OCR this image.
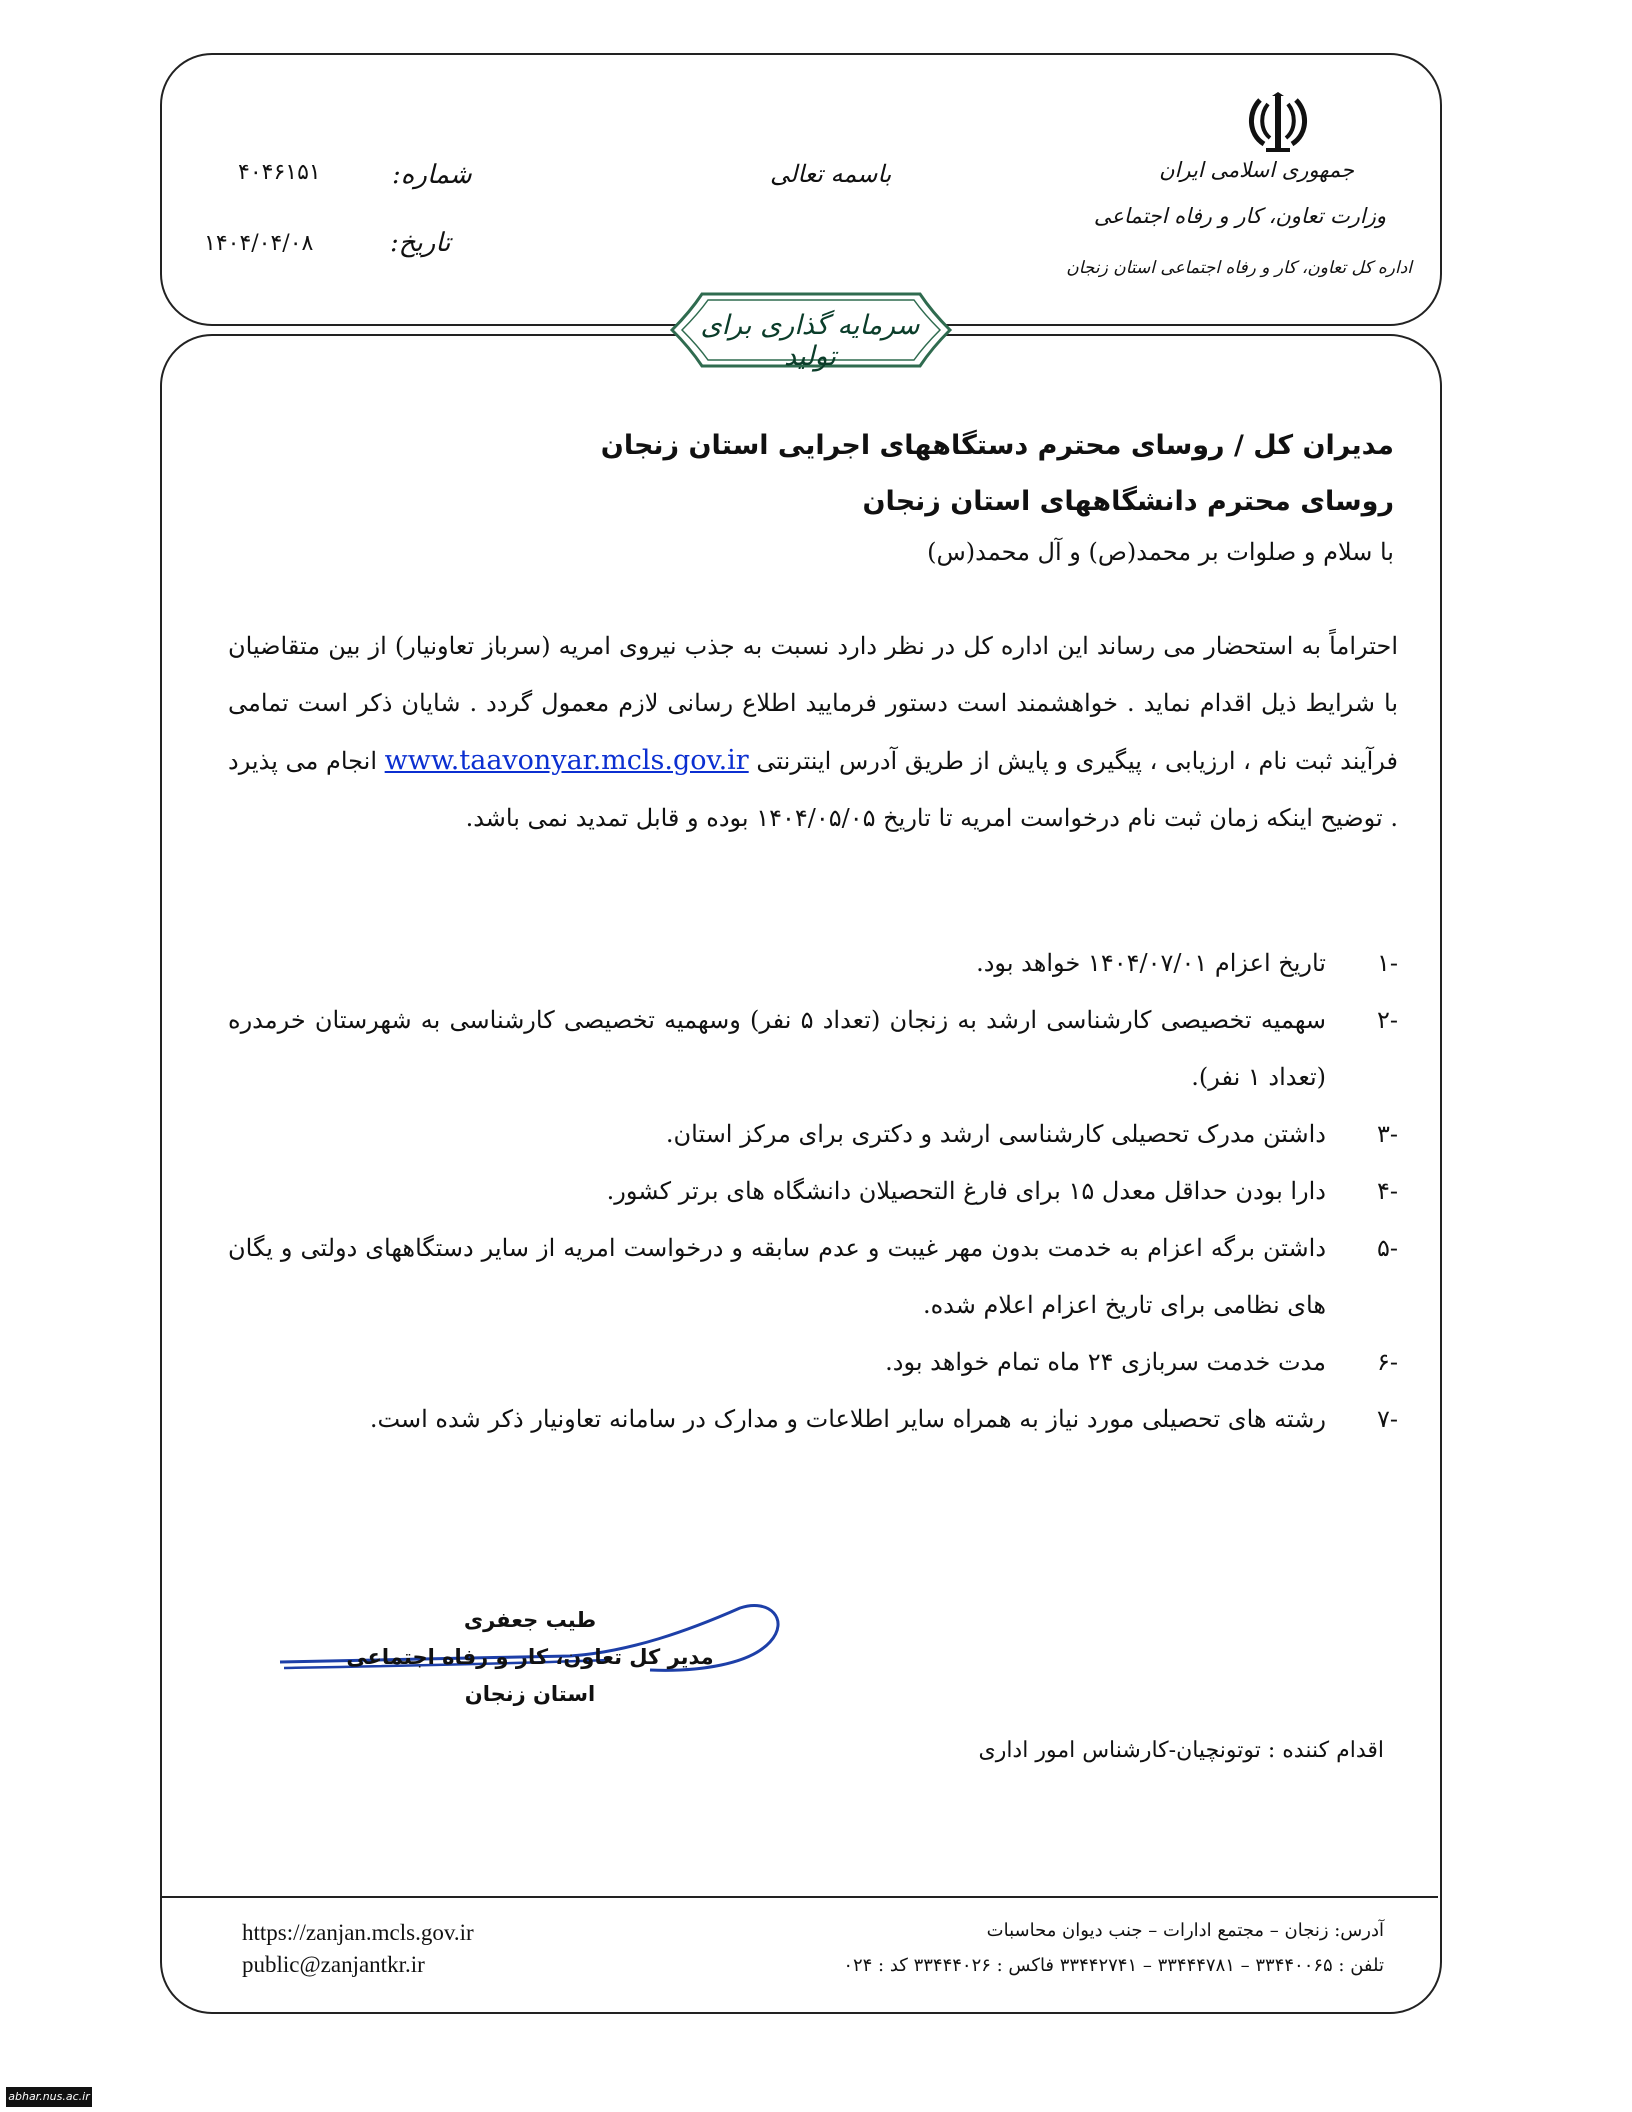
جمهوری اسلامی ایران
وزارت تعاون، کار و رفاه اجتماعی
اداره کل تعاون، کار و رفاه اجتماعی استان زنجان
باسمه تعالی
شماره:
۴۰۴۶۱۵۱
تاریخ:
۱۴۰۴/۰۴/۰۸
سرمایه گذاری برای تولید
مدیران کل / روسای محترم دستگاههای اجرایی استان زنجان
روسای محترم دانشگاههای استان زنجان
با سلام و صلوات بر محمد(ص) و آل محمد(س)
احتراماً به استحضار می رساند این اداره کل در نظر دارد نسبت به جذب نیروی امریه (سرباز تعاونیار) از بین متقاضیان با شرایط ذیل اقدام نماید . خواهشمند است دستور فرمایید اطلاع رسانی لازم معمول گردد . شایان ذکر است تمامی فرآیند ثبت نام ، ارزیابی ، پیگیری و پایش از طریق آدرس اینترنتی www.taavonyar.mcls.gov.ir انجام می پذیرد . توضیح اینکه زمان ثبت نام درخواست امریه تا تاریخ ۱۴۰۴/۰۵/۰۵ بوده و قابل تمدید نمی باشد.
-۱
تاریخ اعزام ۱۴۰۴/۰۷/۰۱ خواهد بود.
-۲
سهمیه تخصیصی کارشناسی ارشد به زنجان (تعداد ۵ نفر) وسهمیه تخصیصی کارشناسی به شهرستان خرمدره (تعداد ۱ نفر).
-۳
داشتن مدرک تحصیلی کارشناسی ارشد و دکتری برای مرکز استان.
-۴
دارا بودن حداقل معدل ۱۵ برای فارغ التحصیلان دانشگاه های برتر کشور.
-۵
داشتن برگه اعزام به خدمت بدون مهر غیبت و عدم سابقه و درخواست امریه از سایر دستگاههای دولتی و یگان های نظامی برای تاریخ اعزام اعلام شده.
-۶
مدت خدمت سربازی ۲۴ ماه تمام خواهد بود.
-۷
رشته های تحصیلی مورد نیاز به همراه سایر اطلاعات و مدارک در سامانه تعاونیار ذکر شده است.
طیب جعفری
مدیر کل تعاون، کار و رفاه اجتماعی
استان زنجان
اقدام کننده : توتونچیان-کارشناس امور اداری
https://zanjan.mcls.gov.ir
public@zanjantkr.ir
آدرس: زنجان – مجتمع ادارات – جنب دیوان محاسبات
تلفن : ۳۳۴۴۰۰۶۵ – ۳۳۴۴۴۷۸۱ – ۳۳۴۴۲۷۴۱ فاکس : ۳۳۴۴۴۰۲۶ کد : ۰۲۴
abhar.nus.ac.ir
